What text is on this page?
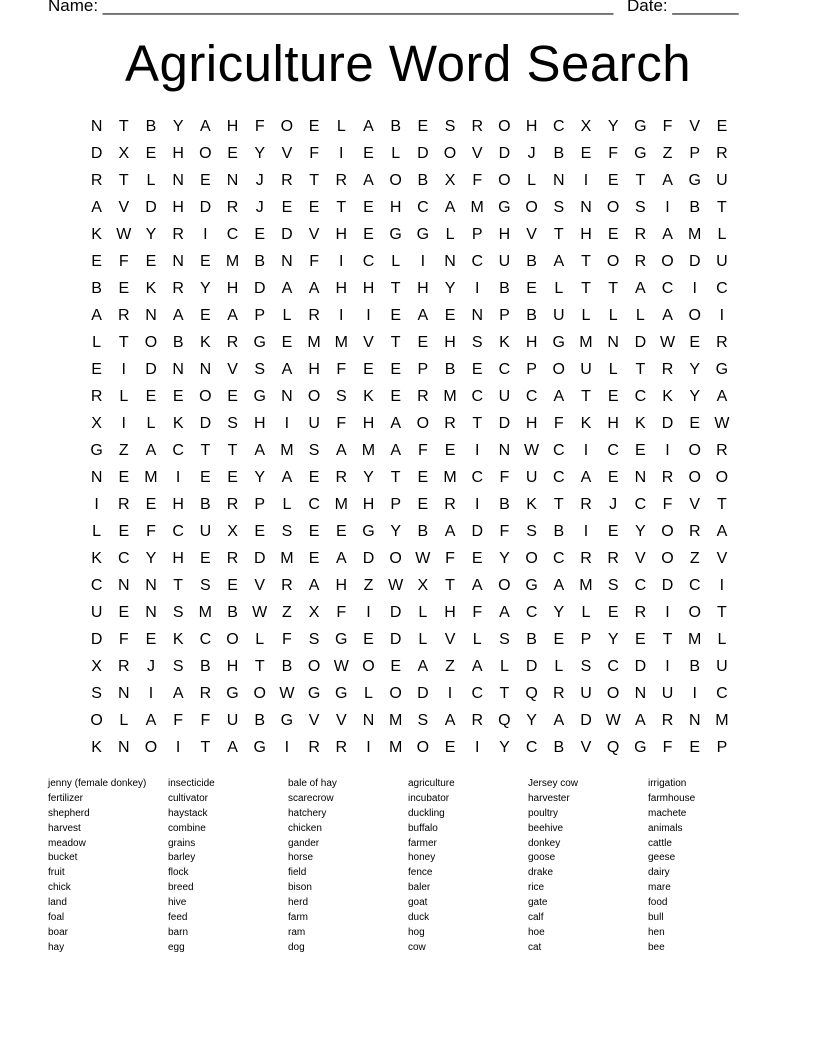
Name: ______________________________________________________ Date: _______
Agriculture Word Search
N	T	B	Y	A	H	F	O E	L	A	B	E	S	R O H C	X	Y G	F	V	E
D	X	E	H O E	Y	V	F	I	E	L	D O V	D	J	B	E	F	G	Z	P	R
R	T	L	N	E	N	J	R	T	R	A O B	X	F	O	L	N	I	E	T	A G U
A	V	D H D R	J	E	E	T	E	H C	A M G O S	N O S	I	B	T
K W Y	R	I	C	E	D	V	H	E G G	L	P	H	V	T	H	E	R	A M	L
E	F	E	N	E M B	N	F	I	C	L	I	N C U	B	A	T	O R O D U
B	E	K	R	Y	H D	A	A	H H	T	H	Y	I	B	E	L	T	T	A	C	I	C
A	R N	A	E	A	P	L	R	I	I	E	A	E	N	P	B	U	L	L	L	A O	I
L	T	O B	K	R G E M M V	T	E	H	S	K	H G M N D W E	R
E	I	D N N	V	S	A	H	F	E	E	P	B	E	C	P O U	L	T	R	Y G
R	L	E	E O E G N O S	K	E	R M C U C	A	T	E	C	K	Y	A
X	I	L	K	D	S	H	I	U	F	H	A O R	T	D H	F	K	H	K	D	E W
G	Z	A	C	T	T	A M S	A M A	F	E	I	N W C	I	C	E	I	O R
N	E M	I	E	E	Y	A	E	R	Y	T	E M C	F	U C	A	E	N R O O
I	R	E	H	B	R	P	L	C M H	P	E	R	I	B	K	T	R	J	C	F	V	T
L	E	F	C U	X	E	S	E	E G Y	B	A	D	F	S	B	I	E	Y O R	A
K	C	Y	H	E	R D M E	A	D O W F	E	Y O C R R	V O	Z	V
C N N	T	S	E	V	R	A	H	Z W X	T	A O G A M S	C D C	I
U	E	N	S M B W Z	X	F	I	D	L	H	F	A	C	Y	L	E	R	I	O	T
D	F	E	K	C O	L	F	S G E	D	L	V	L	S	B	E	P	Y	E	T M	L
X	R	J	S	B	H	T	B O W O E	A	Z	A	L	D	L	S	C D	I	B	U
S	N	I	A	R G O W G G	L	O D	I	C	T	Q R U O N U	I	C
O	L	A	F	F	U	B G V	V	N M S	A	R Q Y	A	D W A	R N M
K	N O	I	T	A G	I	R R	I	M O E	I	Y	C	B	V Q G	F	E	P
jenny (female donkey)
fertilizer
shepherd
harvest
meadow
bucket
fruit
chick
land
foal
boar
hay
insecticide
cultivator
haystack
combine
grains
barley
flock
breed
hive
feed
barn
egg
bale of hay
scarecrow
hatchery
chicken
gander
horse
field
bison
herd
farm
ram
dog
agriculture
incubator
duckling
buffalo
farmer
honey
fence
baler
goat
duck
hog
cow
Jersey cow
harvester
poultry
beehive
donkey
goose
drake
rice
gate
calf
hoe
cat
irrigation
farmhouse
machete
animals
cattle
geese
dairy
mare
food
bull
hen
bee
